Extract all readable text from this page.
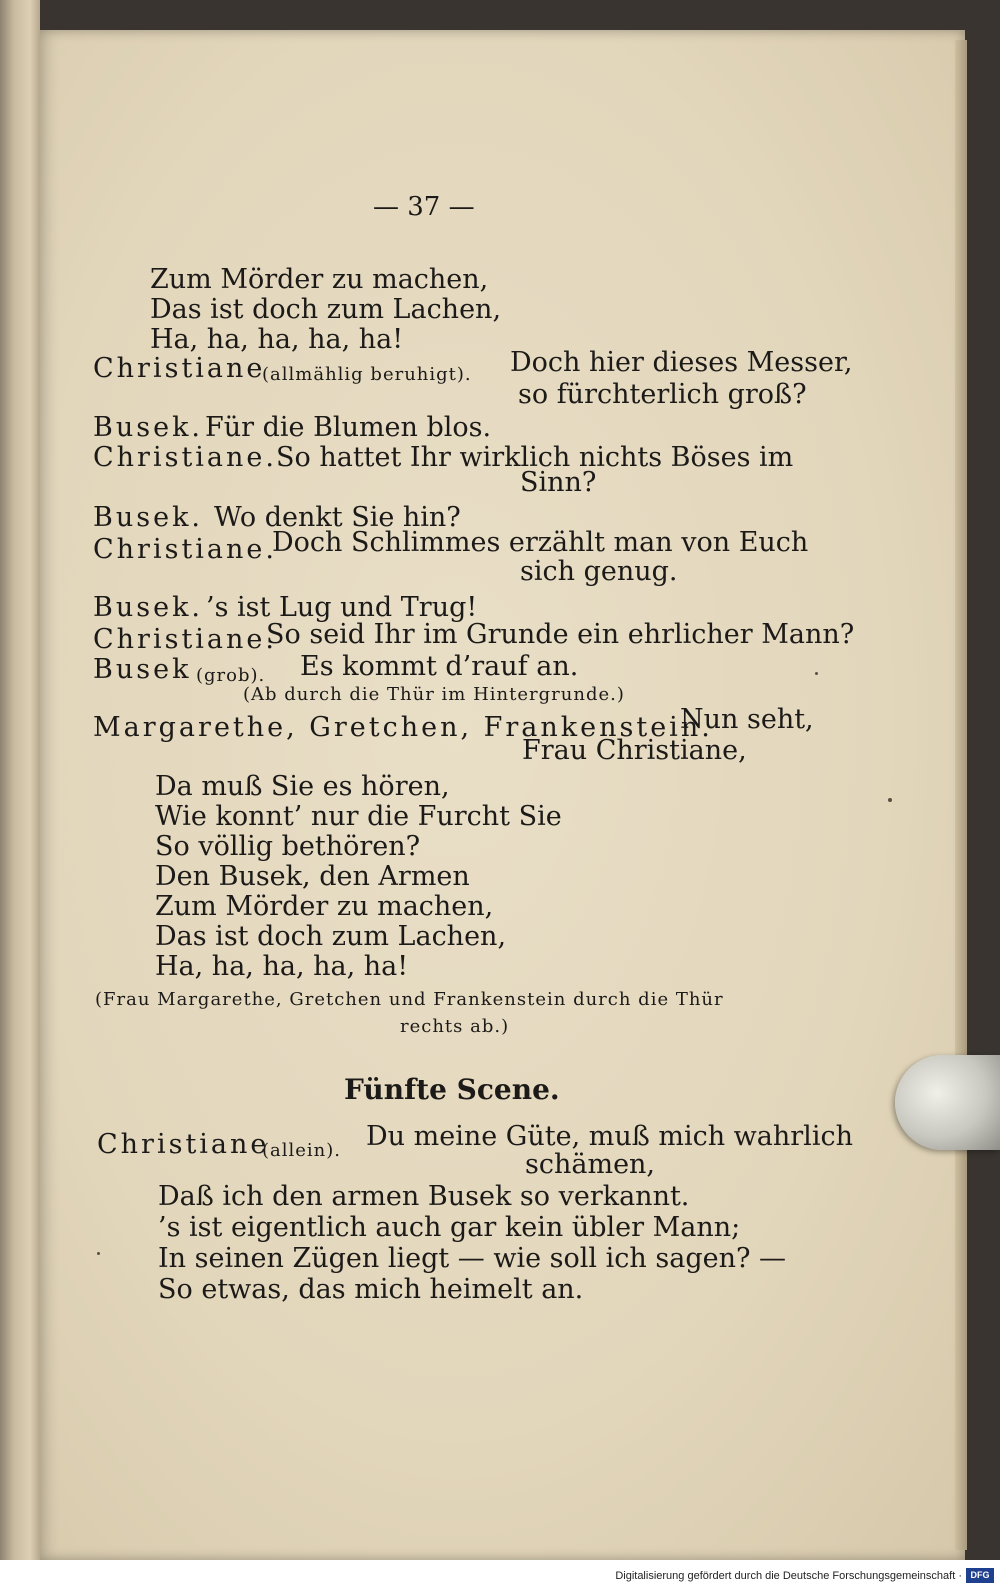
— 37 —
Zum Mörder zu machen,
Das ist doch zum Lachen,
Ha, ha, ha, ha, ha!
Christiane
(allmählig beruhigt). Doch hier dieses Messer,
so fürchterlich groß?
Busek. Für die Blumen blos.
Christiane. So hattet Ihr wirklich nichts Böses im
Sinn?
Busek. Wo denkt Sie hin?
Christiane.
Doch Schlimmes erzählt man von Euch
sich genug.
Busek. ’s ist Lug und Trug!
Christiane.
So seid Ihr im Grunde ein ehrlicher Mann?
Busek (grob). Es kommt d’rauf an.
(Ab durch die Thür im Hintergrunde.)
Margarethe, Gretchen, Frankenstein.
Nun seht,
Frau Christiane,
Da muß Sie es hören,
Wie konnt’ nur die Furcht Sie
So völlig bethören?
Den Busek, den Armen
Zum Mörder zu machen,
Das ist doch zum Lachen,
Ha, ha, ha, ha, ha!
(Frau Margarethe, Gretchen und Frankenstein durch die Thür
rechts ab.)
Fünfte Scene.
Christiane
(allein). Du meine Güte, muß mich wahrlich
schämen,
Daß ich den armen Busek so verkannt.
’s ist eigentlich auch gar kein übler Mann;
In seinen Zügen liegt — wie soll ich sagen? —
So etwas, das mich heimelt an.
Digitalisierung gefördert durch die Deutsche Forschungsgemeinschaft · DFG
